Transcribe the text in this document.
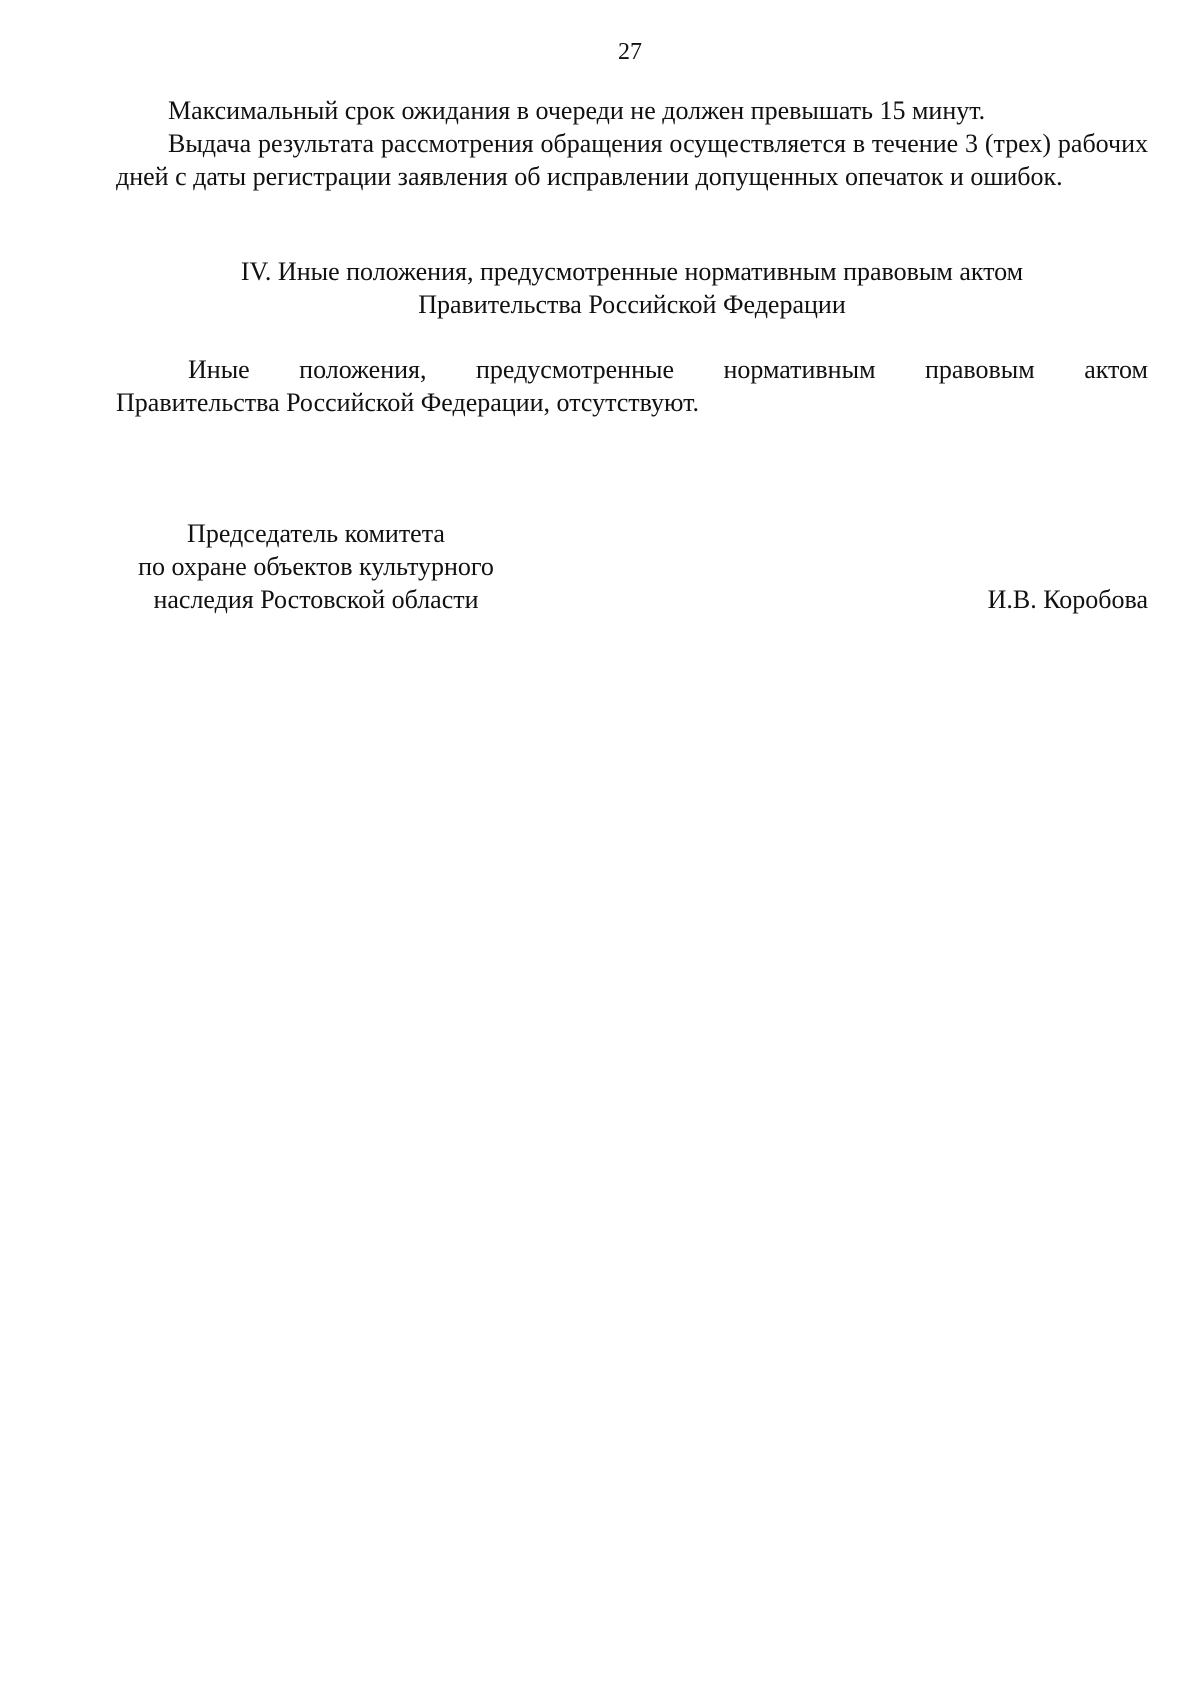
27

Максимальный срок ожидания в очереди не должен превышать 15 минут.

Выдача результата рассмотрения обращения осуществляется в течение 3 (трех) рабочих дней с даты регистрации заявления об исправлении допущенных опечаток и ошибок.

IV. Иные положения, предусмотренные нормативным правовым актом
Правительства Российской Федерации

Иные положения, предусмотренные нормативным правовым актом

Правительства Российской Федерации, отсутствуют.
Председатель комитета
по охране объектов культурного
наследия Ростовской области	И.В. Коробова
